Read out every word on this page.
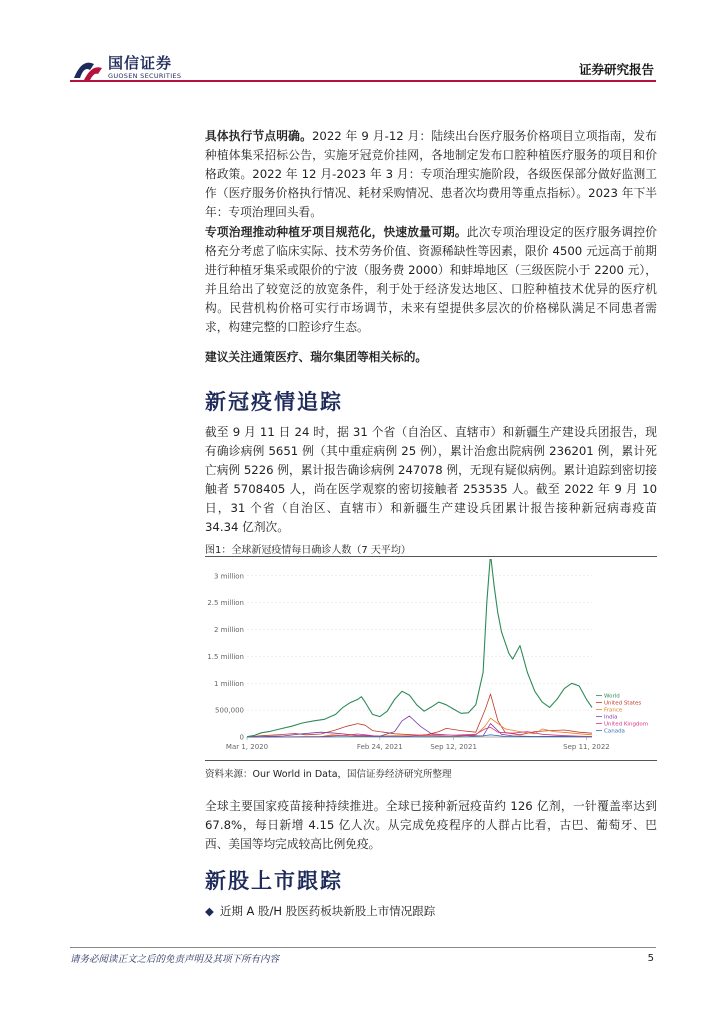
国信证券
GUOSEN SECURITIES	证券研究报告

具体执行节点明确。2022 年 9 月-12 月：陆续出台医疗服务价格项目立项指南，发布种植体集采招标公告，实施牙冠竞价挂网，各地制定发布口腔种植医疗服务的项目和价格政策。2022 年 12 月-2023 年 3 月：专项治理实施阶段，各级医保部分做好监测工作（医疗服务价格执行情况、耗材采购情况、患者次均费用等重点指标）。2023 年下半年：专项治理回头看。

专项治理推动种植牙项目规范化，快速放量可期。此次专项治理设定的医疗服务调控价格充分考虑了临床实际、技术劳务价值、资源稀缺性等因素，限价 4500 元远高于前期进行种植牙集采或限价的宁波（服务费 2000）和蚌埠地区（三级医院小于 2200 元），并且给出了较宽泛的放宽条件，利于处于经济发达地区、口腔种植技术优异的医疗机构。民营机构价格可实行市场调节，未来有望提供多层次的价格梯队满足不同患者需求，构建完整的口腔诊疗生态。

建议关注通策医疗、瑞尔集团等相关标的。

新冠疫情追踪

截至 9 月 11 日 24 时，据 31 个省（自治区、直辖市）和新疆生产建设兵团报告，现有确诊病例 5651 例（其中重症病例 25 例），累计治愈出院病例 236201 例，累计死亡病例 5226 例，累计报告确诊病例 247078 例，无现有疑似病例。累计追踪到密切接触者 5708405 人，尚在医学观察的密切接触者 253535 人。截至 2022 年 9 月 10 日，31 个省（自治区、直辖市）和新疆生产建设兵团累计报告接种新冠病毒疫苗 34.34 亿剂次。

图1：全球新冠疫情每日确诊人数（7 天平均）
0
500,000
1 million
1.5 million
2 million
2.5 million
3 million
Mar 1, 2020	Feb 24, 2021	Sep 12, 2021	Sep 11, 2022
World
United States
France
India
United Kingdom
Canada
资料来源：Our World in Data，国信证券经济研究所整理

全球主要国家疫苗接种持续推进。全球已接种新冠疫苗约 126 亿剂，一针覆盖率达到 67.8%，每日新增 4.15 亿人次。从完成免疫程序的人群占比看，古巴、葡萄牙、巴西、美国等均完成较高比例免疫。

新股上市跟踪
◆ 近期 A 股/H 股医药板块新股上市情况跟踪
请务必阅读正文之后的免责声明及其项下所有内容	5
